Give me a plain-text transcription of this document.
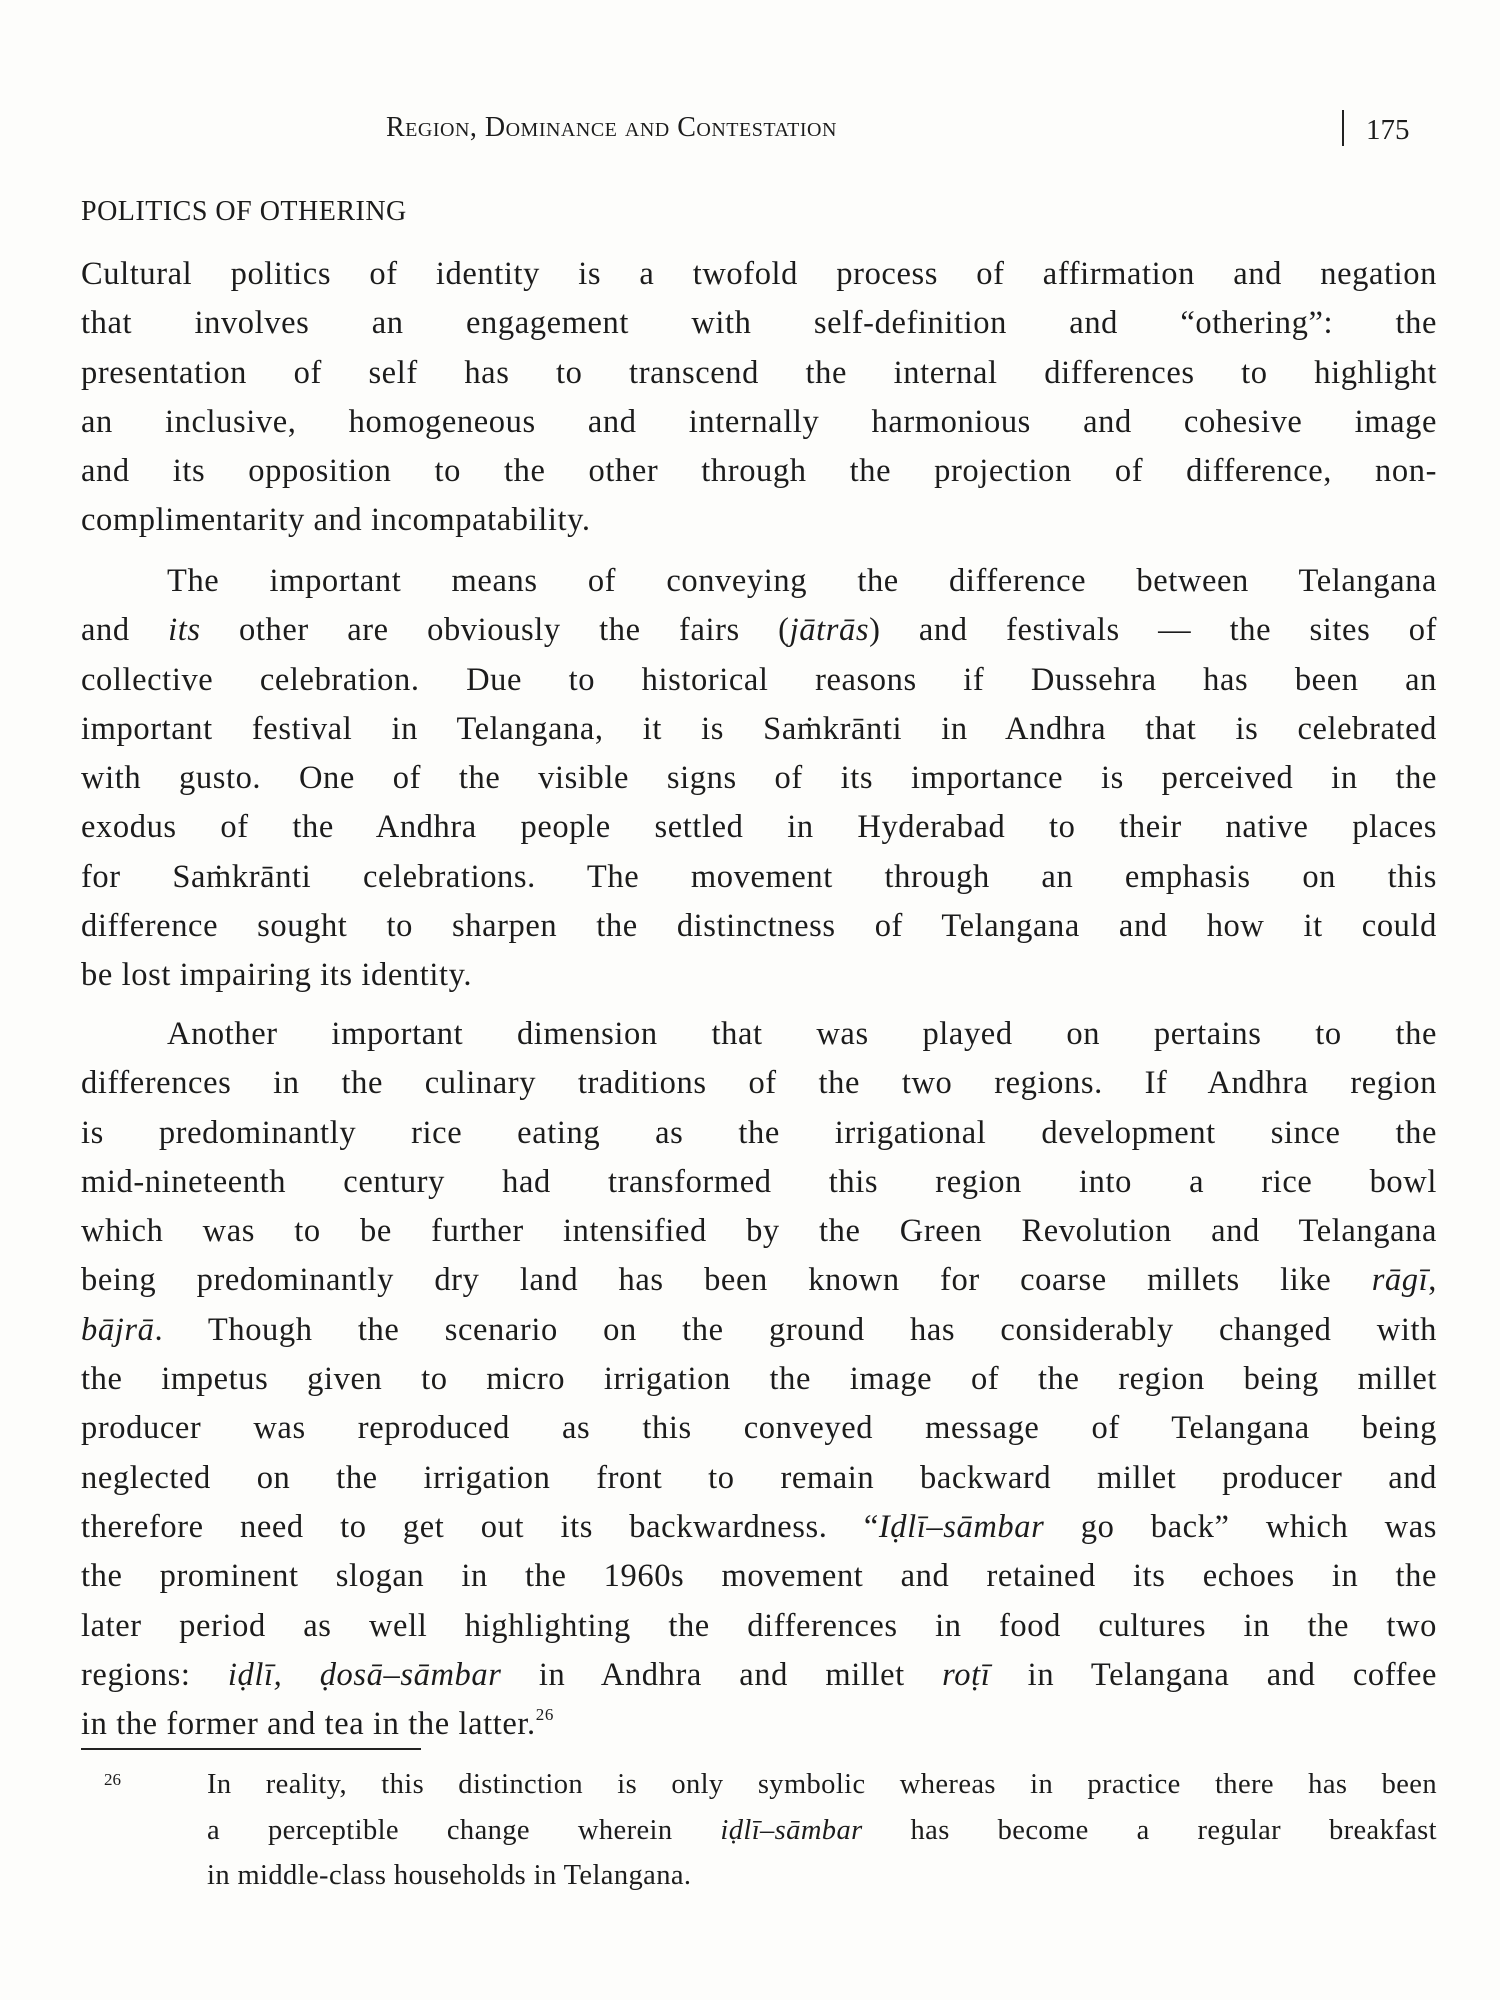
Region, Dominance and Contestation	175
POLITICS OF OTHERING
Cultural politics of identity is a twofold process of affirmation and negation
that involves an engagement with self-definition and “othering”: the
presentation of self has to transcend the internal differences to highlight
an inclusive, homogeneous and internally harmonious and cohesive image
and its opposition to the other through the projection of difference, non-
complimentarity and incompatability.
The important means of conveying the difference between Telangana
and its other are obviously the fairs (jātrās) and festivals — the sites of
collective celebration. Due to historical reasons if Dussehra has been an
important festival in Telangana, it is Saṁkrānti in Andhra that is celebrated
with gusto. One of the visible signs of its importance is perceived in the
exodus of the Andhra people settled in Hyderabad to their native places
for Saṁkrānti celebrations. The movement through an emphasis on this
difference sought to sharpen the distinctness of Telangana and how it could
be lost impairing its identity.
Another important dimension that was played on pertains to the
differences in the culinary traditions of the two regions. If Andhra region
is predominantly rice eating as the irrigational development since the
mid-nineteenth century had transformed this region into a rice bowl
which was to be further intensified by the Green Revolution and Telangana
being predominantly dry land has been known for coarse millets like rāgī,
bājrā. Though the scenario on the ground has considerably changed with
the impetus given to micro irrigation the image of the region being millet
producer was reproduced as this conveyed message of Telangana being
neglected on the irrigation front to remain backward millet producer and
therefore need to get out its backwardness. “Iḍlī–sāmbar go back” which was
the prominent slogan in the 1960s movement and retained its echoes in the
later period as well highlighting the differences in food cultures in the two
regions: iḍlī, ḍosā–sāmbar in Andhra and millet roṭī in Telangana and coffee
in the former and tea in the latter.$^{26}$
26	In reality, this distinction is only symbolic whereas in practice there has been
a perceptible change wherein iḍlī–sāmbar has become a regular breakfast
in middle-class households in Telangana.
